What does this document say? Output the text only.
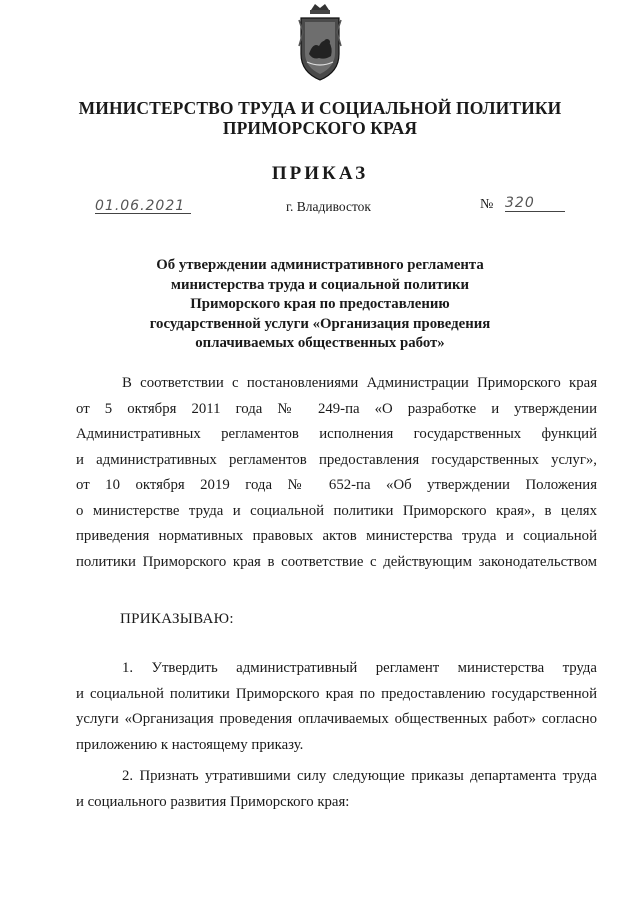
МИНИСТЕРСТВО ТРУДА И СОЦИАЛЬНОЙ ПОЛИТИКИ
ПРИМОРСКОГО КРАЯ
ПРИКАЗ
01.06.2021	г. Владивосток	№ 320
Об утверждении административного регламента
министерства труда и социальной политики
Приморского края по предоставлению
государственной услуги «Организация проведения
оплачиваемых общественных работ»
В соответствии с постановлениями Администрации Приморского края
от 5 октября 2011 года № 249-па «О разработке и утверждении
Административных регламентов исполнения государственных функций
и административных регламентов предоставления государственных услуг»,
от 10 октября 2019 года № 652-па «Об утверждении Положения
о министерстве труда и социальной политики Приморского края», в целях
приведения нормативных правовых актов министерства труда и социальной
политики Приморского края в соответствие с действующим законодательством
ПРИКАЗЫВАЮ:
1. Утвердить административный регламент министерства труда
и социальной политики Приморского края по предоставлению государственной
услуги «Организация проведения оплачиваемых общественных работ» согласно
приложению к настоящему приказу.
2. Признать утратившими силу следующие приказы департамента труда
и социального развития Приморского края:
